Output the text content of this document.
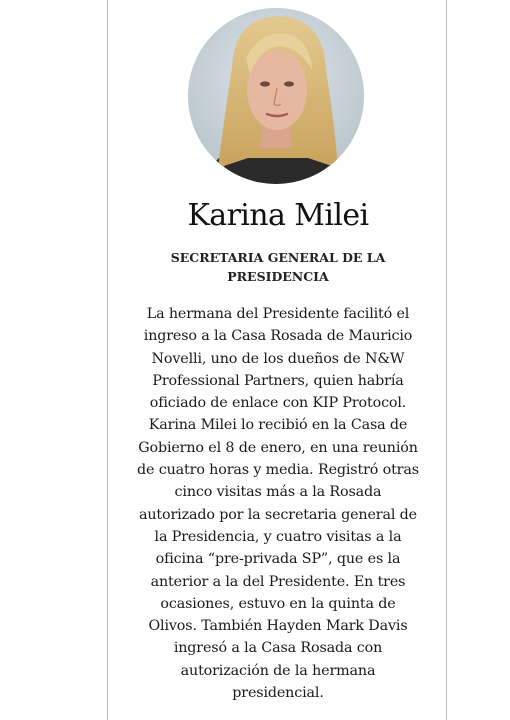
Karina Milei

SECRETARIA GENERAL DE LA
PRESIDENCIA

La hermana del Presidente facilitó el
ingreso a la Casa Rosada de Mauricio
Novelli, uno de los dueños de N&W
Professional Partners, quien habría
oficiado de enlace con KIP Protocol.
Karina Milei lo recibió en la Casa de
Gobierno el 8 de enero, en una reunión
de cuatro horas y media. Registró otras
cinco visitas más a la Rosada
autorizado por la secretaria general de
la Presidencia, y cuatro visitas a la
oficina “pre-privada SP”, que es la
anterior a la del Presidente. En tres
ocasiones, estuvo en la quinta de
Olivos. También Hayden Mark Davis
ingresó a la Casa Rosada con
autorización de la hermana
presidencial.
